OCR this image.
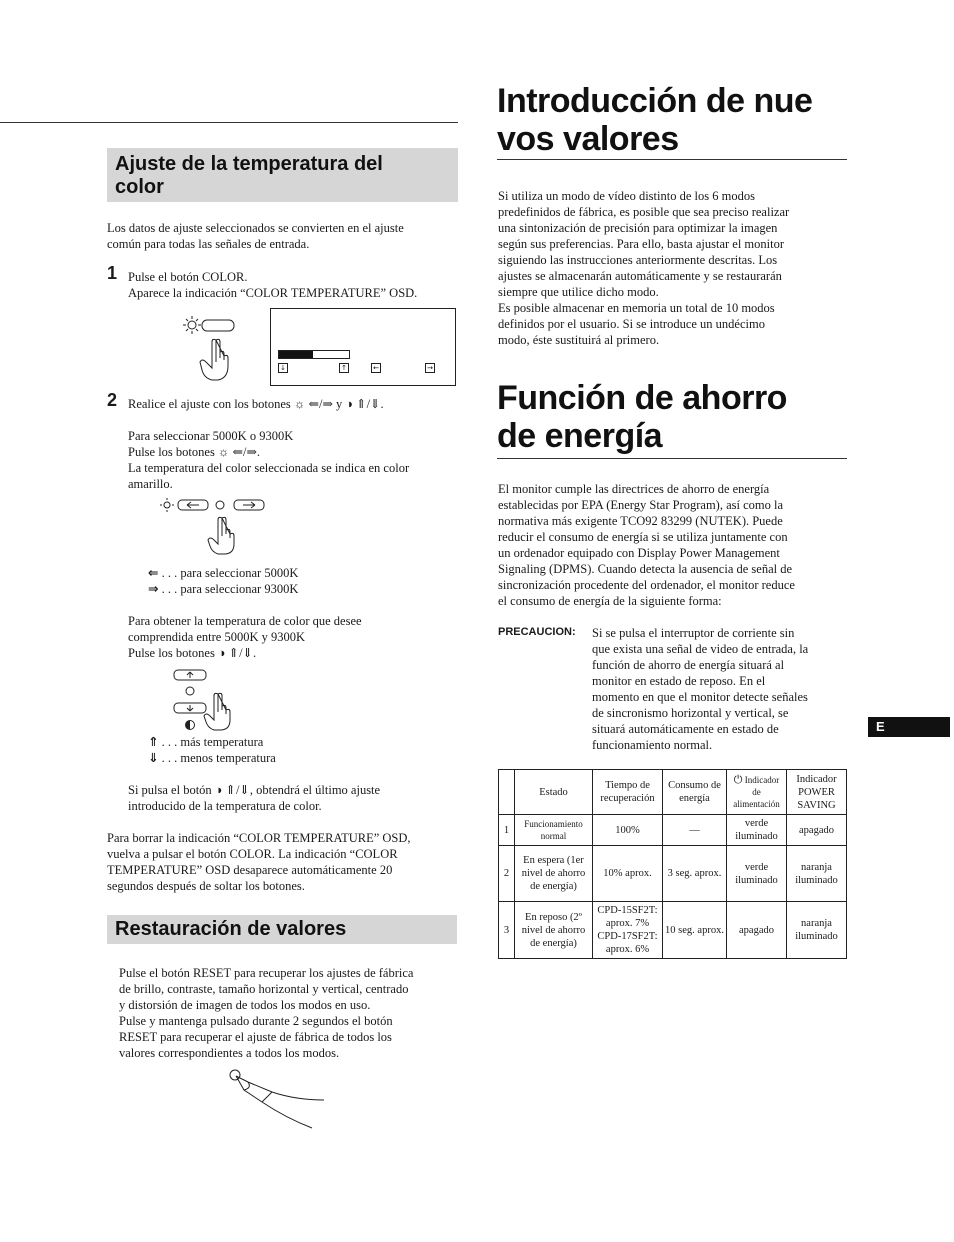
Ajuste de la temperatura del
color
Los datos de ajuste seleccionados se convierten en el ajuste
común para todas las señales de entrada.
1 Pulse el botón COLOR.
Aparece la indicación “COLOR TEMPERATURE” OSD.
↓	↑	←	→
2 Realice el ajuste con los botones ☼ ⇐/⇒ y ◑ ⇑/⇓.
Para seleccionar 5000K o 9300K
Pulse los botones ☼ ⇐/⇒.
La temperatura del color seleccionada se indica en color
amarillo.
⇐ . . . para seleccionar 5000K
⇒ . . . para seleccionar 9300K
Para obtener la temperatura de color que desee
comprendida entre 5000K y 9300K
Pulse los botones ◑ ⇑/⇓.
⇑ . . . más temperatura
⇓ . . . menos temperatura
Si pulsa el botón ◑ ⇑/⇓, obtendrá el último ajuste
introducido de la temperatura de color.
Para borrar la indicación “COLOR TEMPERATURE” OSD,
vuelva a pulsar el botón COLOR. La indicación “COLOR
TEMPERATURE” OSD desaparece automáticamente 20
segundos después de soltar los botones.
Restauración de valores
Pulse el botón RESET para recuperar los ajustes de fábrica
de brillo, contraste, tamaño horizontal y vertical, centrado
y distorsión de imagen de todos los modos en uso.
Pulse y mantenga pulsado durante 2 segundos el botón
RESET para recuperar el ajuste de fábrica de todos los
valores correspondientes a todos los modos.
Introducción de nue
vos valores
Si utiliza un modo de vídeo distinto de los 6 modos
predefinidos de fábrica, es posible que sea preciso realizar
una sintonización de precisión para optimizar la imagen
según sus preferencias. Para ello, basta ajustar el monitor
siguiendo las instrucciones anteriormente descritas. Los
ajustes se almacenarán automáticamente y se restaurarán
siempre que utilice dicho modo.
Es posible almacenar en memoria un total de 10 modos
definidos por el usuario. Si se introduce un undécimo
modo, éste sustituirá al primero.
Función de ahorro
de energía
El monitor cumple las directrices de ahorro de energía
establecidas por EPA (Energy Star Program), así como la
normativa más exigente TCO92 83299 (NUTEK). Puede
reducir el consumo de energía si se utiliza juntamente con
un ordenador equipado con Display Power Management
Signaling (DPMS). Cuando detecta la ausencia de señal de
sincronización procedente del ordenador, el monitor reduce
el consumo de energía de la siguiente forma:
PRECAUCION: Si se pulsa el interruptor de corriente sin
que exista una señal de video de entrada, la
función de ahorro de energía situará al
monitor en estado de reposo. En el
momento en que el monitor detecte señales
de sincronismo horizontal y vertical, se
situará automáticamente en estado de
funcionamiento normal.
	Estado	Tiempo de recuperación	Consumo de energía	⏻ Indicador de alimentación	Indicador POWER SAVING
1	Funcionamiento normal	100%	—	verde iluminado	apagado
2	En espera (1er nivel de ahorro de energía)	10% aprox.	3 seg. aprox.	verde iluminado	naranja iluminado
3	En reposo (2º nivel de ahorro de energía)	CPD-15SF2T: aprox. 7% CPD-17SF2T: aprox. 6%	10 seg. aprox.	apagado	naranja iluminado
E
